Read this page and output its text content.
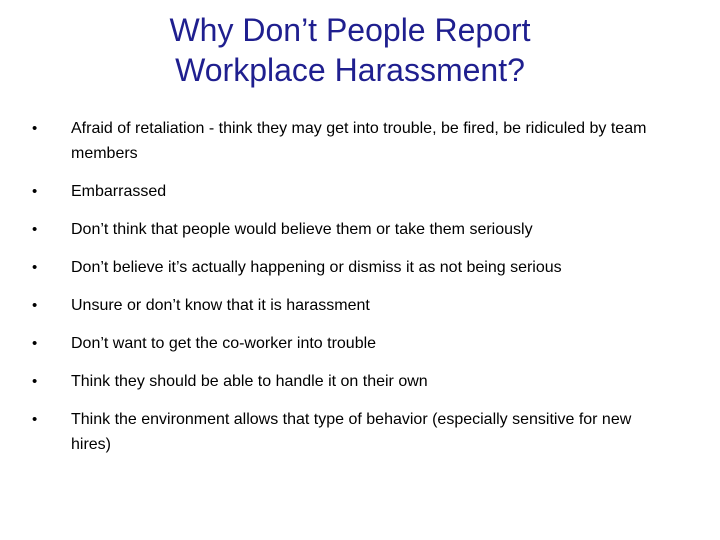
Why Don’t People Report
Workplace Harassment?
•	Afraid of retaliation - think they may get into trouble, be fired, be ridiculed by team members
•	Embarrassed
•	Don’t think that people would believe them or take them seriously
•	Don’t believe it’s actually happening or dismiss it as not being serious
•	Unsure or don’t know that it is harassment
•	Don’t want to get the co-worker into trouble
•	Think they should be able to handle it on their own
•	Think the environment allows that type of behavior (especially sensitive for new hires)
